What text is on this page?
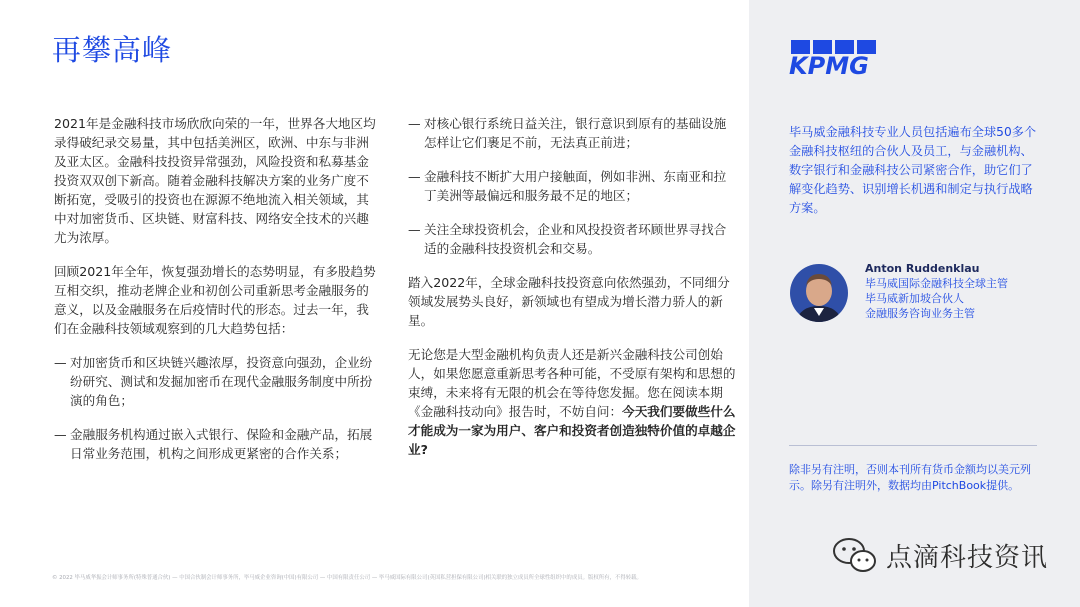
再攀高峰

2021年是金融科技市场欣欣向荣的一年，世界各大地区均录得破纪录交易量，其中包括美洲区，欧洲、中东与非洲及亚太区。金融科技投资异常强劲，风险投资和私募基金投资双双创下新高。随着金融科技解决方案的业务广度不断拓宽，受吸引的投资也在源源不绝地流入相关领域，其中对加密货币、区块链、财富科技、网络安全技术的兴趣尤为浓厚。

回顾2021年全年，恢复强劲增长的态势明显，有多股趋势互相交织，推动老牌企业和初创公司重新思考金融服务的意义，以及金融服务在后疫情时代的形态。过去一年，我们在金融科技领域观察到的几大趋势包括：

— 对加密货币和区块链兴趣浓厚，投资意向强劲，企业纷纷研究、测试和发掘加密币在现代金融服务制度中所扮演的角色；
— 金融服务机构通过嵌入式银行、保险和金融产品，拓展日常业务范围，机构之间形成更紧密的合作关系；
— 对核心银行系统日益关注，银行意识到原有的基础设施怎样让它们裹足不前，无法真正前进；
— 金融科技不断扩大用户接触面，例如非洲、东南亚和拉丁美洲等最偏远和服务最不足的地区；
— 关注全球投资机会，企业和风投投资者环顾世界寻找合适的金融科技投资机会和交易。

踏入2022年，全球金融科技投资意向依然强劲，不同细分领域发展势头良好，新领域也有望成为增长潜力骄人的新星。

无论您是大型金融机构负责人还是新兴金融科技公司创始人，如果您愿意重新思考各种可能，不受原有架构和思想的束缚，未来将有无限的机会在等待您发掘。您在阅读本期《金融科技动向》报告时，不妨自问：今天我们要做些什么才能成为一家为用户、客户和投资者创造独特价值的卓越企业?

KPMG
毕马威金融科技专业人员包括遍布全球50多个金融科技枢纽的合伙人及员工，与金融机构、数字银行和金融科技公司紧密合作，助它们了解变化趋势、识别增长机遇和制定与执行战略方案。
Anton Ruddenklau
毕马威国际金融科技全球主管
毕马威新加坡合伙人
金融服务咨询业务主管
除非另有注明，否则本刊所有货币金额均以美元列示。除另有注明外，数据均由PitchBook提供。
点滴科技资讯
© 2022 毕马威华振会计师事务所(特殊普通合伙) — 中国合伙制会计师事务所，毕马威企业咨询(中国)有限公司 — 中国有限责任公司 — 毕马威国际有限公司(英国私营担保有限公司)相关联的独立成员所全球性组织中的成员。版权所有，不得转载。
